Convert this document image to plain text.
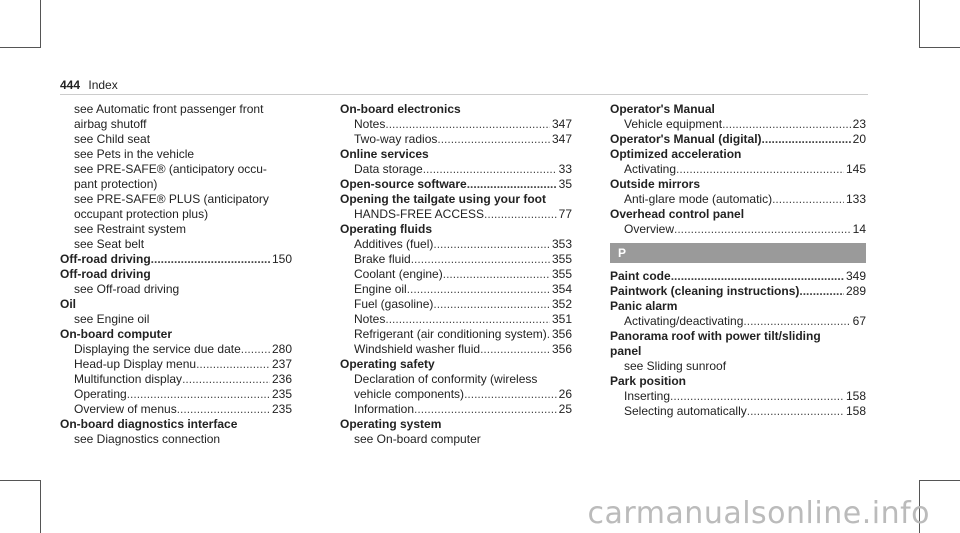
444 Index
see Automatic front passenger front
airbag shutoff
see Child seat
see Pets in the vehicle
see PRE-SAFE® (anticipatory occu-
pant protection)
see PRE-SAFE® PLUS (anticipatory
occupant protection plus)
see Restraint system
see Seat belt
Off-road driving .....	150
Off-road driving
see Off-road driving
Oil
see Engine oil
On-board computer
Displaying the service due date .....	280
Head-up Display menu .....	237
Multifunction display .....	236
Operating .....	235
Overview of menus .....	235
On-board diagnostics interface
see Diagnostics connection
On-board electronics
Notes .....	347
Two-way radios .....	347
Online services
Data storage .....	33
Open-source software .....	35
Opening the tailgate using your foot
HANDS-FREE ACCESS .....	77
Operating fluids
Additives (fuel) .....	353
Brake fluid .....	355
Coolant (engine) .....	355
Engine oil .....	354
Fuel (gasoline) .....	352
Notes .....	351
Refrigerant (air conditioning system) ..... 356
Windshield washer fluid .....	356
Operating safety
Declaration of conformity (wireless
vehicle components) .....	26
Information .....	25
Operating system
see On-board computer
Operator's Manual
Vehicle equipment .....	23
Operator's Manual (digital) .....	20
Optimized acceleration
Activating .....	145
Outside mirrors
Anti-glare mode (automatic) .....	133
Overhead control panel
Overview .....	14
P
Paint code .....	349
Paintwork (cleaning instructions) .....	289
Panic alarm
Activating/deactivating .....	67
Panorama roof with power tilt/sliding
panel
see Sliding sunroof
Park position
Inserting .....	158
Selecting automatically .....	158
carmanualsonline.info
